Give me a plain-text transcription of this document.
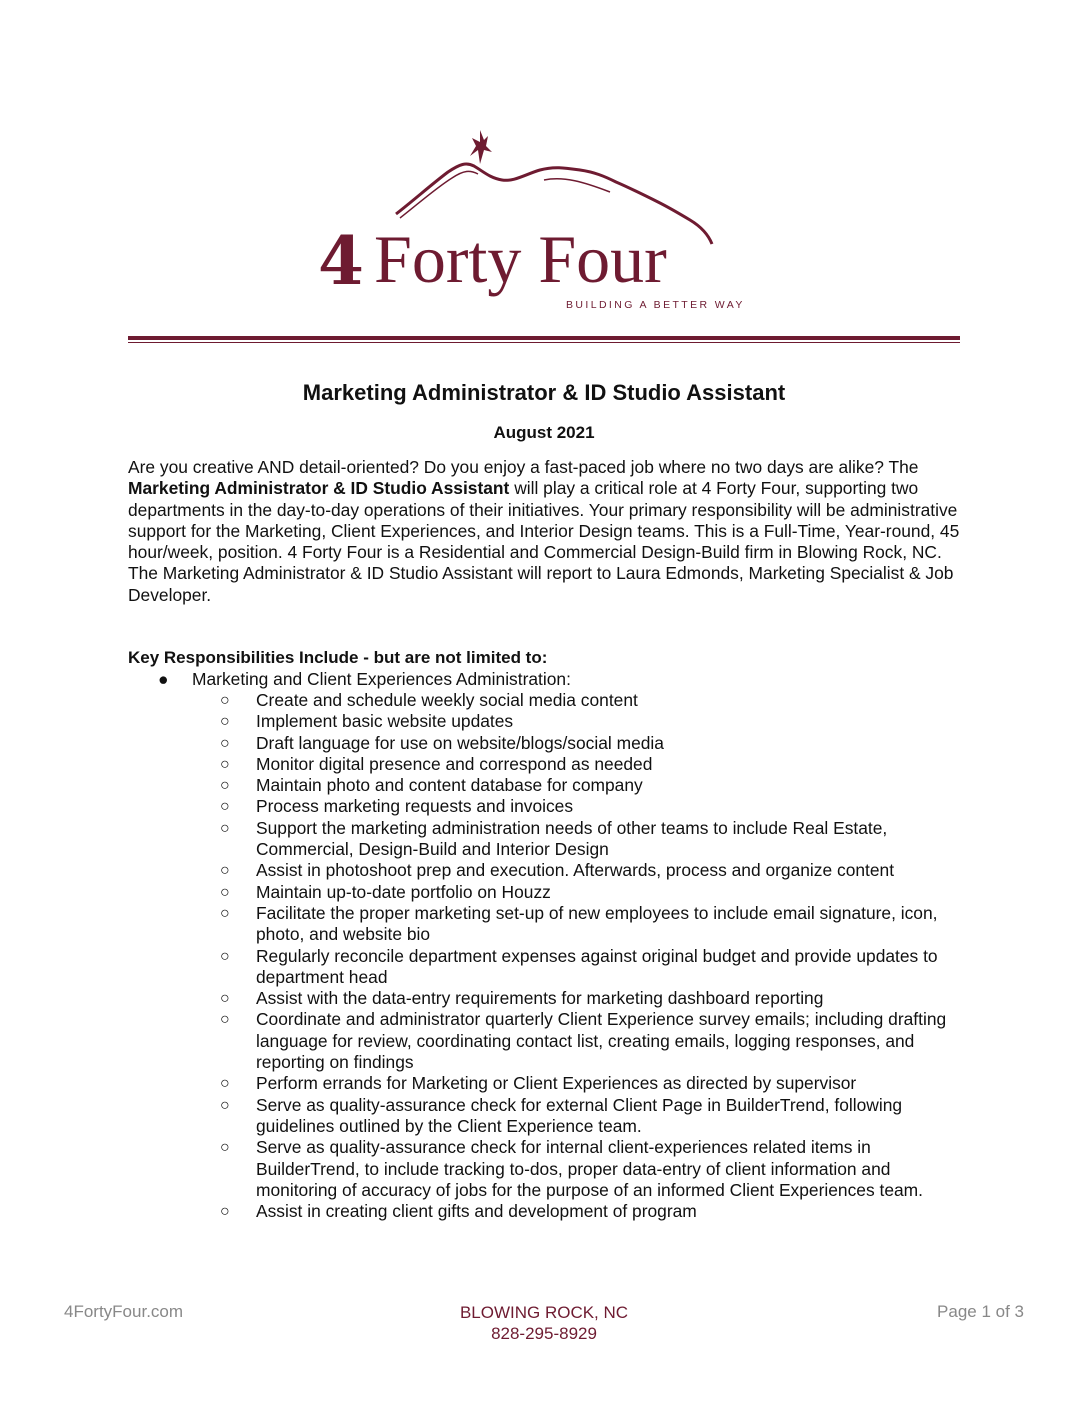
4 Forty Four
BUILDING A BETTER WAY
Marketing Administrator & ID Studio Assistant
August 2021

Are you creative AND detail-oriented? Do you enjoy a fast-paced job where no two days are alike? The Marketing Administrator & ID Studio Assistant will play a critical role at 4 Forty Four, supporting two departments in the day-to-day operations of their initiatives. Your primary responsibility will be administrative support for the Marketing, Client Experiences, and Interior Design teams. This is a Full-Time, Year-round, 45 hour/week, position. 4 Forty Four is a Residential and Commercial Design-Build firm in Blowing Rock, NC. The Marketing Administrator & ID Studio Assistant will report to Laura Edmonds, Marketing Specialist & Job Developer.

Key Responsibilities Include - but are not limited to:

● Marketing and Client Experiences Administration:
○ Create and schedule weekly social media content
○ Implement basic website updates
○ Draft language for use on website/blogs/social media
○ Monitor digital presence and correspond as needed
○ Maintain photo and content database for company
○ Process marketing requests and invoices
○ Support the marketing administration needs of other teams to include Real Estate, Commercial, Design-Build and Interior Design
○ Assist in photoshoot prep and execution. Afterwards, process and organize content
○ Maintain up-to-date portfolio on Houzz
○ Facilitate the proper marketing set-up of new employees to include email signature, icon, photo, and website bio
○ Regularly reconcile department expenses against original budget and provide updates to department head
○ Assist with the data-entry requirements for marketing dashboard reporting
○ Coordinate and administrator quarterly Client Experience survey emails; including drafting language for review, coordinating contact list, creating emails, logging responses, and reporting on findings
○ Perform errands for Marketing or Client Experiences as directed by supervisor
○ Serve as quality-assurance check for external Client Page in BuilderTrend, following guidelines outlined by the Client Experience team.
○ Serve as quality-assurance check for internal client-experiences related items in BuilderTrend, to include tracking to-dos, proper data-entry of client information and monitoring of accuracy of jobs for the purpose of an informed Client Experiences team.
○ Assist in creating client gifts and development of program
4FortyFour.com	BLOWING ROCK, NC
828-295-8929
Page 1 of 3
